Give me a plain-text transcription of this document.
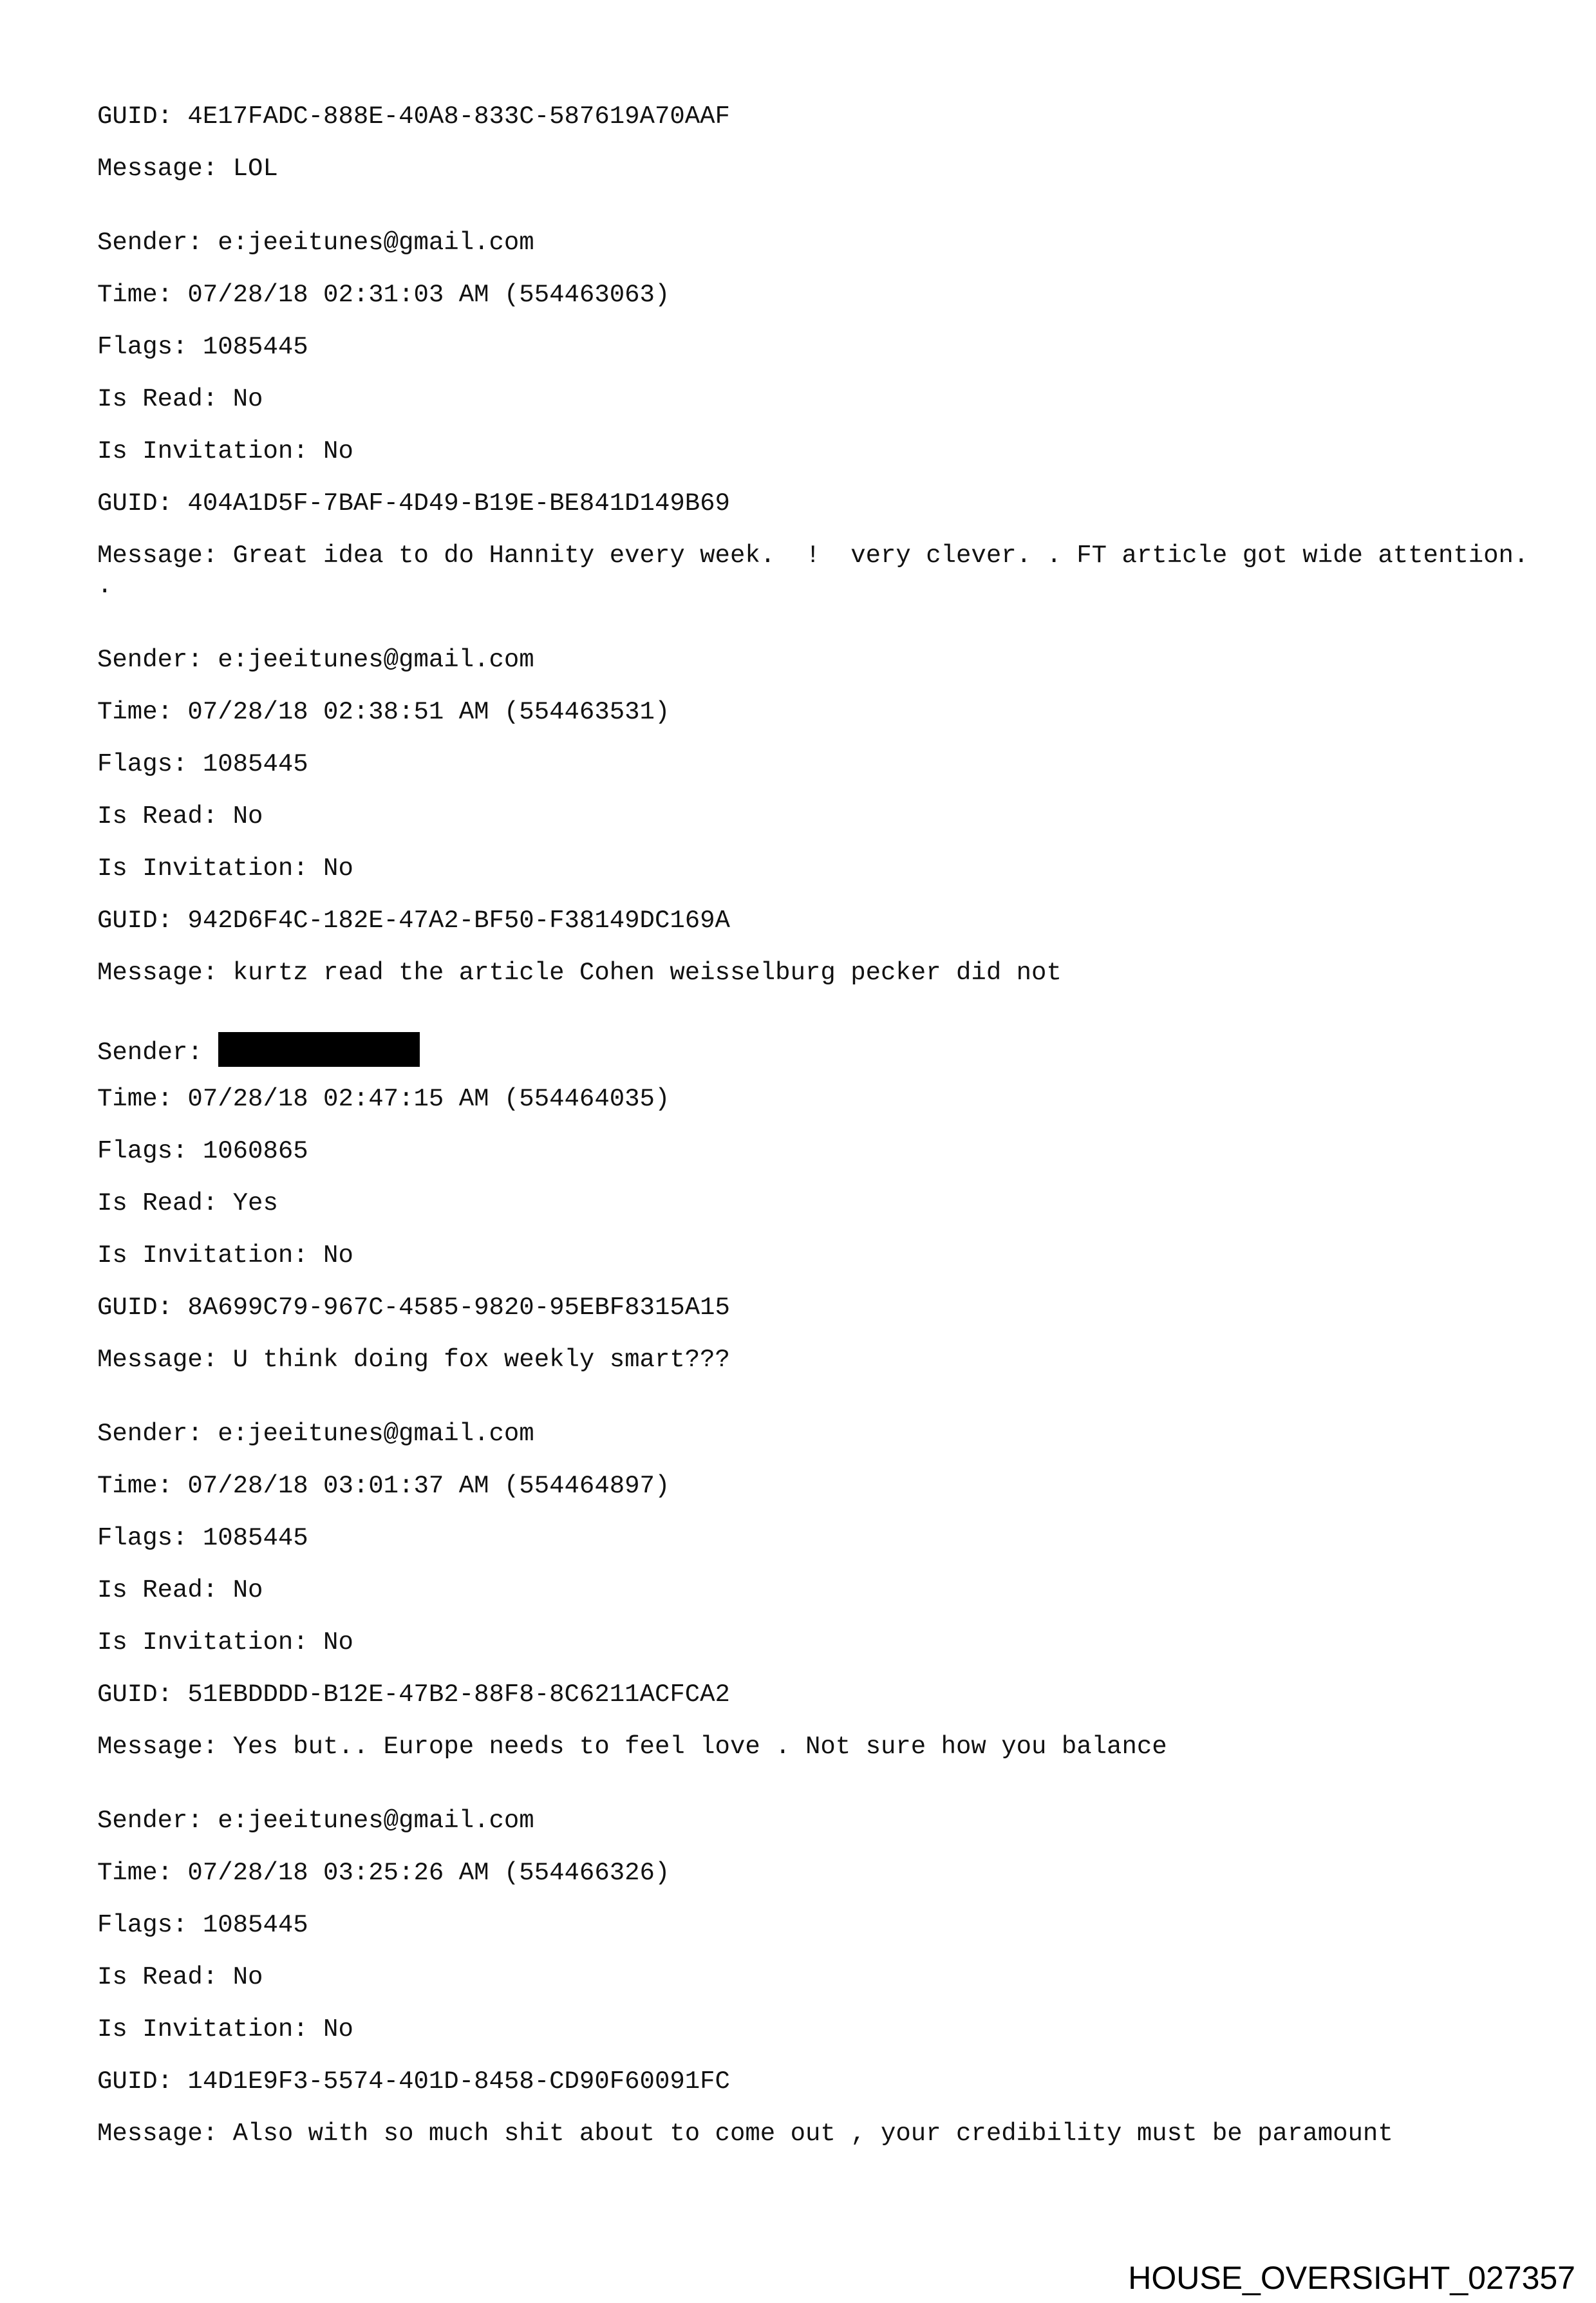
GUID: 4E17FADC-888E-40A8-833C-587619A70AAF
Message: LOL
Sender: e:jeeitunes@gmail.com
Time: 07/28/18 02:31:03 AM (554463063)
Flags: 1085445
Is Read: No
Is Invitation: No
GUID: 404A1D5F-7BAF-4D49-B19E-BE841D149B69
Message: Great idea to do Hannity every week.  !  very clever. . FT article got wide attention.  .
Sender: e:jeeitunes@gmail.com
Time: 07/28/18 02:38:51 AM (554463531)
Flags: 1085445
Is Read: No
Is Invitation: No
GUID: 942D6F4C-182E-47A2-BF50-F38149DC169A
Message: kurtz read the article Cohen weisselburg pecker did not
Sender:
Time: 07/28/18 02:47:15 AM (554464035)
Flags: 1060865
Is Read: Yes
Is Invitation: No
GUID: 8A699C79-967C-4585-9820-95EBF8315A15
Message: U think doing fox weekly smart???
Sender: e:jeeitunes@gmail.com
Time: 07/28/18 03:01:37 AM (554464897)
Flags: 1085445
Is Read: No
Is Invitation: No
GUID: 51EBDDDD-B12E-47B2-88F8-8C6211ACFCA2
Message: Yes but.. Europe needs to feel love . Not sure how you balance
Sender: e:jeeitunes@gmail.com
Time: 07/28/18 03:25:26 AM (554466326)
Flags: 1085445
Is Read: No
Is Invitation: No
GUID: 14D1E9F3-5574-401D-8458-CD90F60091FC
Message: Also with so much shit about to come out , your credibility must be paramount
HOUSE_OVERSIGHT_027357
